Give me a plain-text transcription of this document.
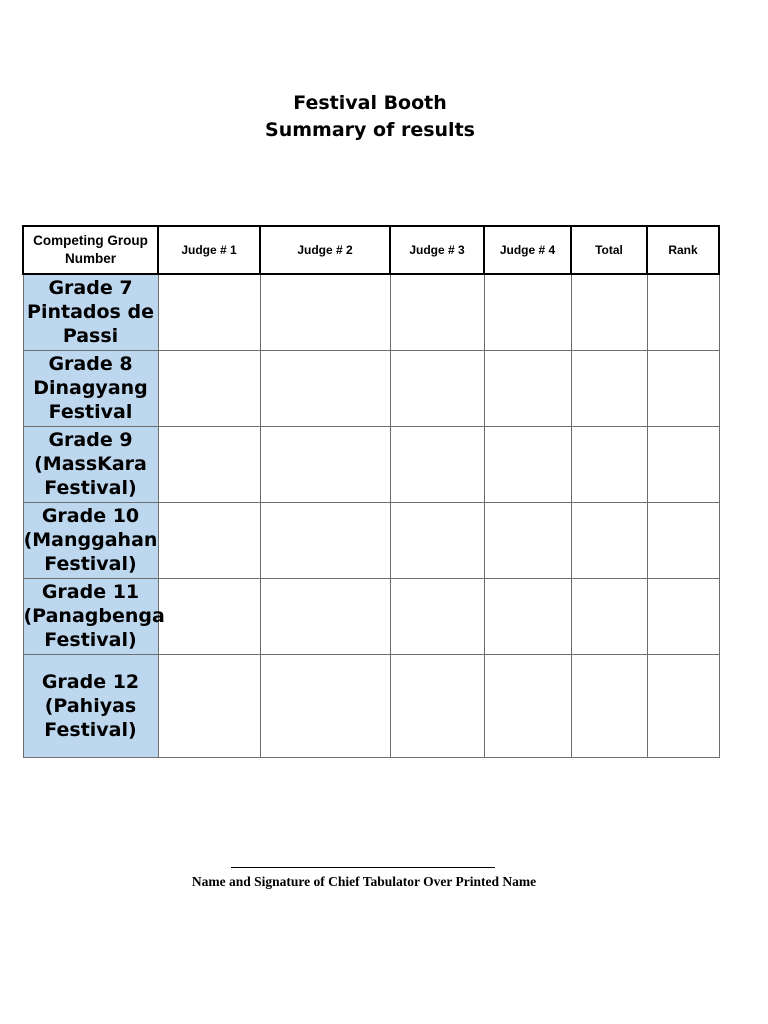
Festival Booth
Summary of results
Competing Group Number	Judge # 1	Judge # 2	Judge # 3	Judge # 4	Total	Rank
Grade 7 Pintados de Passi						
Grade 8 Dinagyang Festival						
Grade 9 (MassKara Festival)						
Grade 10 (Manggahan Festival)						
Grade 11 (Panagbenga Festival)						
Grade 12 (Pahiyas Festival)						
Name and Signature of Chief Tabulator Over Printed Name
